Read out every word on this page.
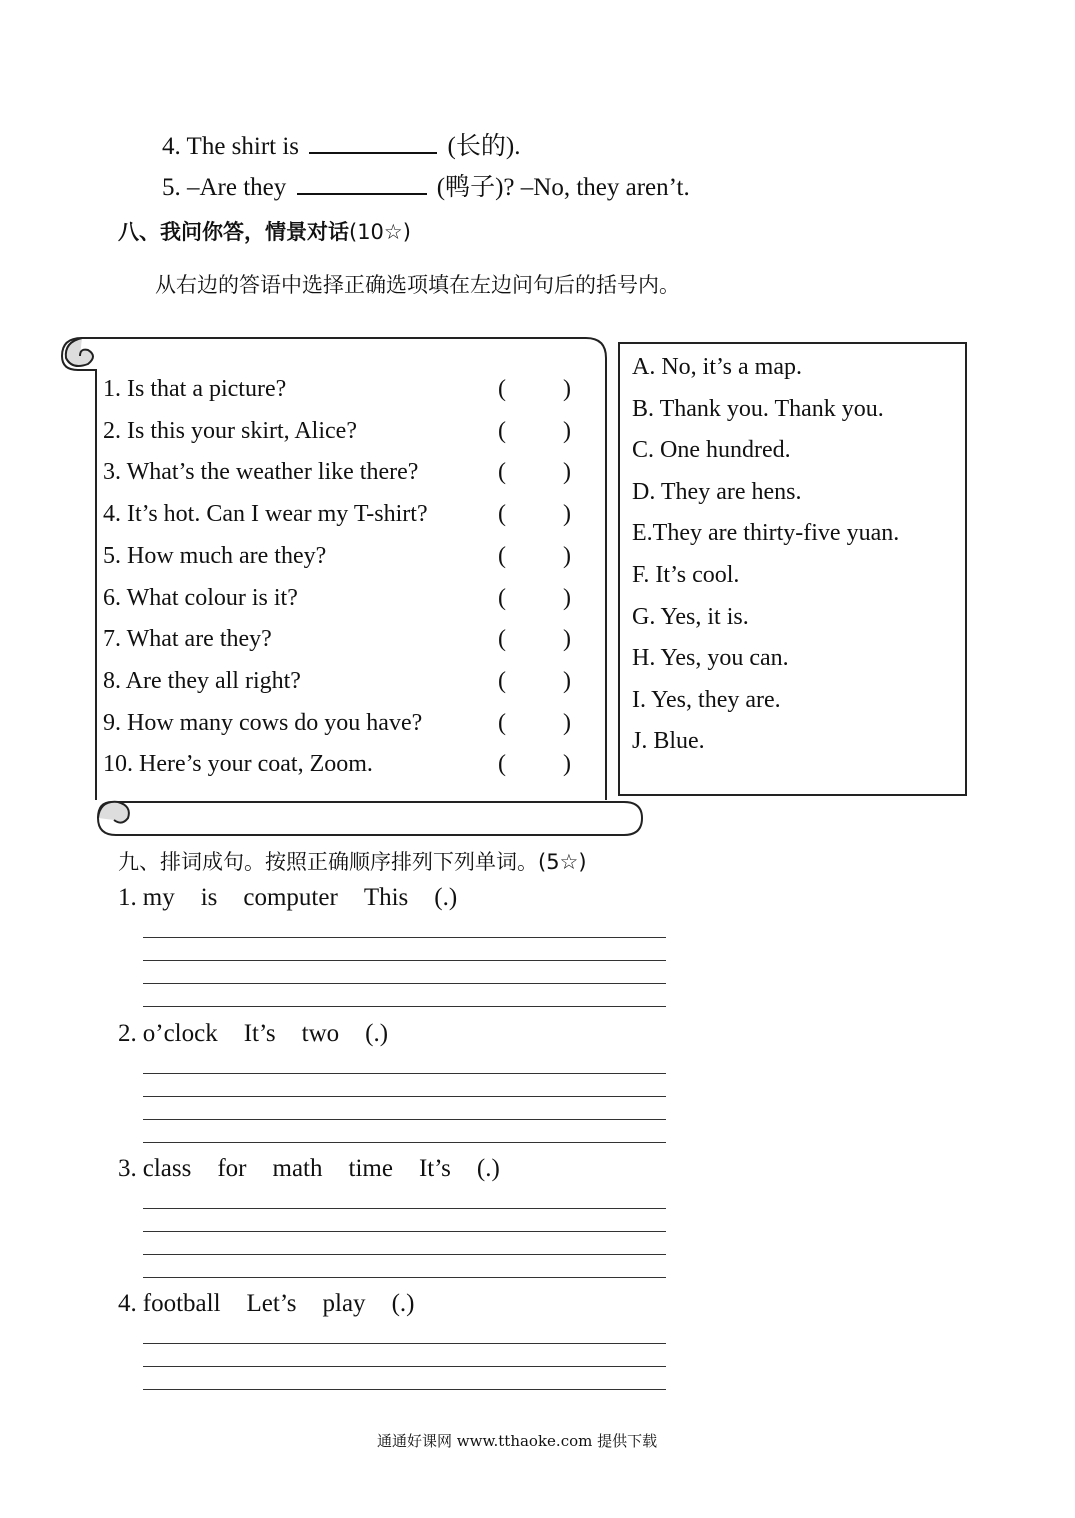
4. The shirt is	(长的).
5. –Are they	(鸭子)? –No, they aren’t.
八、我问你答，情景对话(10☆)
从右边的答语中选择正确选项填在左边问句后的括号内。
1. Is that a picture?	( )
2. Is this your skirt, Alice?	( )
3. What’s the weather like there?	( )
4. It’s hot. Can I wear my T-shirt?	( )
5. How much are they?	( )
6. What colour is it?	( )
7. What are they?	( )
8. Are they all right?	( )
9. How many cows do you have?	( )
10. Here’s your coat, Zoom.	( )
A. No, it’s a map.
B. Thank you. Thank you.
C. One hundred.
D. They are hens.
E.They are thirty-five yuan.
F. It’s cool.
G. Yes, it is.
H. Yes, you can.
I. Yes, they are.
J. Blue.
九、排词成句。按照正确顺序排列下列单词。(5☆)
1. my is computer This (.)
2. o’clock It’s two (.)
3. class for math time It’s (.)
4. football Let’s play (.)
通通好课网 www.tthaoke.com 提供下载
